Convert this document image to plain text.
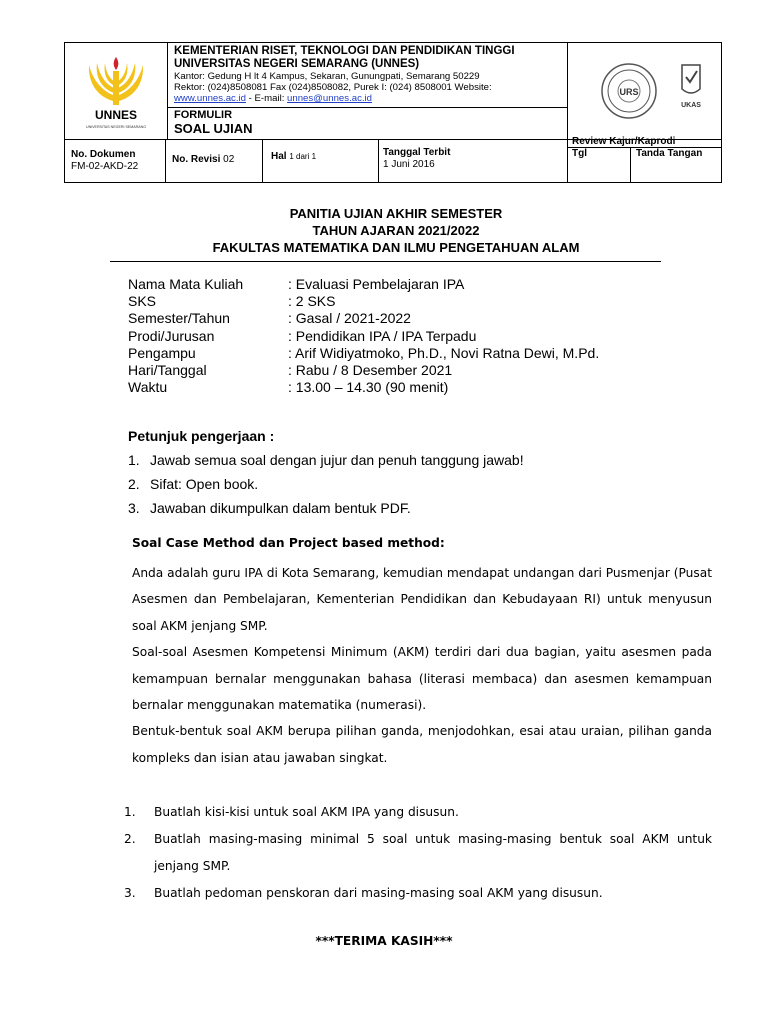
UNNES
UNIVERSITAS NEGERI SEMARANG
KEMENTERIAN RISET, TEKNOLOGI DAN PENDIDIKAN TINGGI
UNIVERSITAS NEGERI SEMARANG (UNNES)
Kantor: Gedung H lt 4 Kampus, Sekaran, Gunungpati, Semarang 50229
Rektor: (024)8508081 Fax (024)8508082, Purek I: (024) 8508001 Website:
www.unnes.ac.id - E-mail: unnes@unnes.ac.id
FORMULIR
SOAL UJIAN
URS
UKAS
No. Dokumen
FM-02-AKD-22
No. Revisi 02	Hal 1 dari 1	Tanggal Terbit
1 Juni 2016
Review Kajur/Kaprodi
Tgl	Tanda Tangan
PANITIA UJIAN AKHIR SEMESTER
TAHUN AJARAN 2021/2022
FAKULTAS MATEMATIKA DAN ILMU PENGETAHUAN ALAM
Nama Mata Kuliah	: Evaluasi Pembelajaran IPA
SKS	: 2 SKS
Semester/Tahun	: Gasal / 2021-2022
Prodi/Jurusan	: Pendidikan IPA / IPA Terpadu
Pengampu	: Arif Widiyatmoko, Ph.D., Novi Ratna Dewi, M.Pd.
Hari/Tanggal	: Rabu / 8 Desember 2021
Waktu	: 13.00 – 14.30 (90 menit)
Petunjuk pengerjaan :
1. Jawab semua soal dengan jujur dan penuh tanggung jawab!
2. Sifat: Open book.
3. Jawaban dikumpulkan dalam bentuk PDF.
Soal Case Method dan Project based method:

Anda adalah guru IPA di Kota Semarang, kemudian mendapat undangan dari Pusmenjar (Pusat Asesmen dan Pembelajaran, Kementerian Pendidikan dan Kebudayaan RI) untuk menyusun soal AKM jenjang SMP.

Soal-soal Asesmen Kompetensi Minimum (AKM) terdiri dari dua bagian, yaitu asesmen pada kemampuan bernalar menggunakan bahasa (literasi membaca) dan asesmen kemampuan bernalar menggunakan matematika (numerasi).

Bentuk-bentuk soal AKM berupa pilihan ganda, menjodohkan, esai atau uraian, pilihan ganda kompleks dan isian atau jawaban singkat.

1. Buatlah kisi-kisi untuk soal AKM IPA yang disusun.
2. Buatlah masing-masing minimal 5 soal untuk masing-masing bentuk soal AKM untuk jenjang SMP.
3. Buatlah pedoman penskoran dari masing-masing soal AKM yang disusun.
***TERIMA KASIH***
